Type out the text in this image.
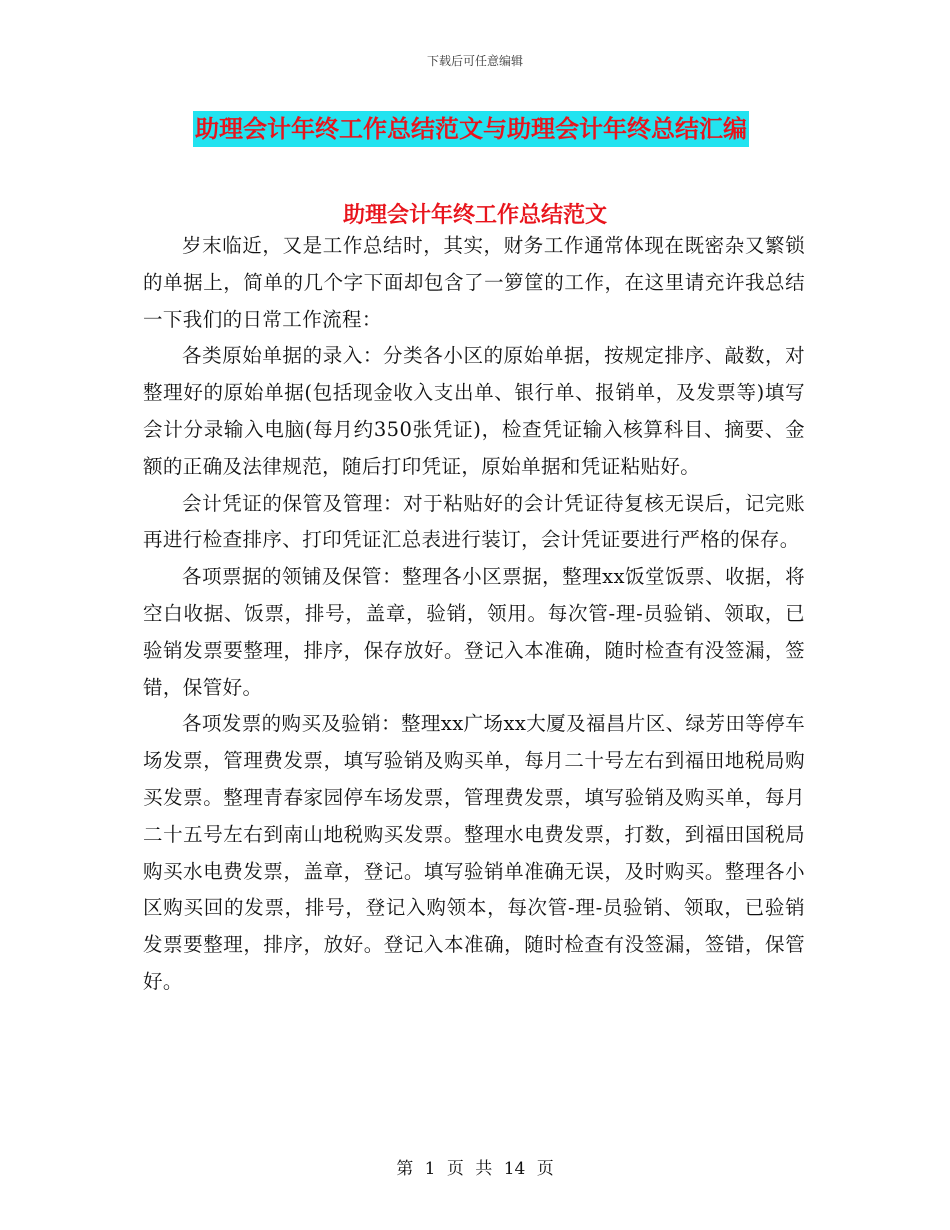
下载后可任意编辑
助理会计年终工作总结范文与助理会计年终总结汇编
助理会计年终工作总结范文

岁末临近，又是工作总结时，其实，财务工作通常体现在既密杂又繁锁的单据上，简单的几个字下面却包含了一箩筐的工作，在这里请充许我总结一下我们的日常工作流程：

各类原始单据的录入：分类各小区的原始单据，按规定排序、敲数，对整理好的原始单据(包括现金收入支出单、银行单、报销单，及发票等)填写会计分录输入电脑(每月约350张凭证)，检查凭证输入核算科目、摘要、金额的正确及法律规范，随后打印凭证，原始单据和凭证粘贴好。

会计凭证的保管及管理：对于粘贴好的会计凭证待复核无误后，记完账再进行检查排序、打印凭证汇总表进行装订，会计凭证要进行严格的保存。

各项票据的领铺及保管：整理各小区票据，整理xx饭堂饭票、收据，将空白收据、饭票，排号，盖章，验销，领用。每次管-理-员验销、领取，已验销发票要整理，排序，保存放好。登记入本准确，随时检查有没签漏，签错，保管好。

各项发票的购买及验销：整理xx广场xx大厦及福昌片区、绿芳田等停车场发票，管理费发票，填写验销及购买单，每月二十号左右到福田地税局购买发票。整理青春家园停车场发票，管理费发票，填写验销及购买单，每月二十五号左右到南山地税购买发票。整理水电费发票，打数，到福田国税局购买水电费发票，盖章，登记。填写验销单准确无误，及时购买。整理各小区购买回的发票，排号，登记入购领本，每次管-理-员验销、领取，已验销发票要整理，排序，放好。登记入本准确，随时检查有没签漏，签错，保管好。

第 1 页 共 14 页
